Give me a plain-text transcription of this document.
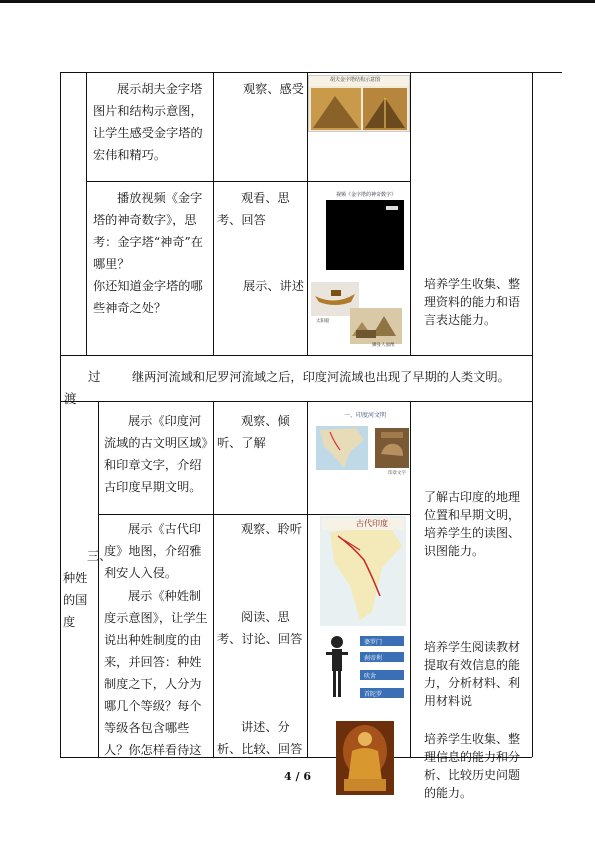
展示胡夫金字塔图片和结构示意图，让学生感受金字塔的宏伟和精巧。
观察、感受
胡夫金字塔结构示意图
播放视频《金字塔的神奇数字》，思考：金字塔“神奇”在哪里？
你还知道金字塔的哪些神奇之处？
观看、思考、回答
展示、讲述
视频《金字塔的神奇数字》
太阳船
狮身人面像
培养学生收集、整理资料的能力和语言表达能力。
过渡
继两河流域和尼罗河流域之后，印度河流域也出现了早期的人类文明。
三、种姓的国度
展示《印度河流域的古文明区域》和印章文字，介绍古印度早期文明。
观察、倾听、了解
一、印度河文明
印章文字
了解古印度的地理位置和早期文明，培养学生的读图、识图能力。
展示《古代印度》地图，介绍雅利安人入侵。
展示《种姓制度示意图》，让学生说出种姓制度的由来，并回答：种姓制度之下，人分为哪几个等级？每个等级各包含哪些人？你怎样看待这
观察、聆听
阅读、思考、讨论、回答
讲述、分析、比较、回答
古代印度
婆罗门
刹帝利
吠舍
首陀罗
培养学生阅读教材提取有效信息的能力，分析材料、利用材料说
培养学生收集、整理信息的能力和分析、比较历史问题的能力。
4 / 6
